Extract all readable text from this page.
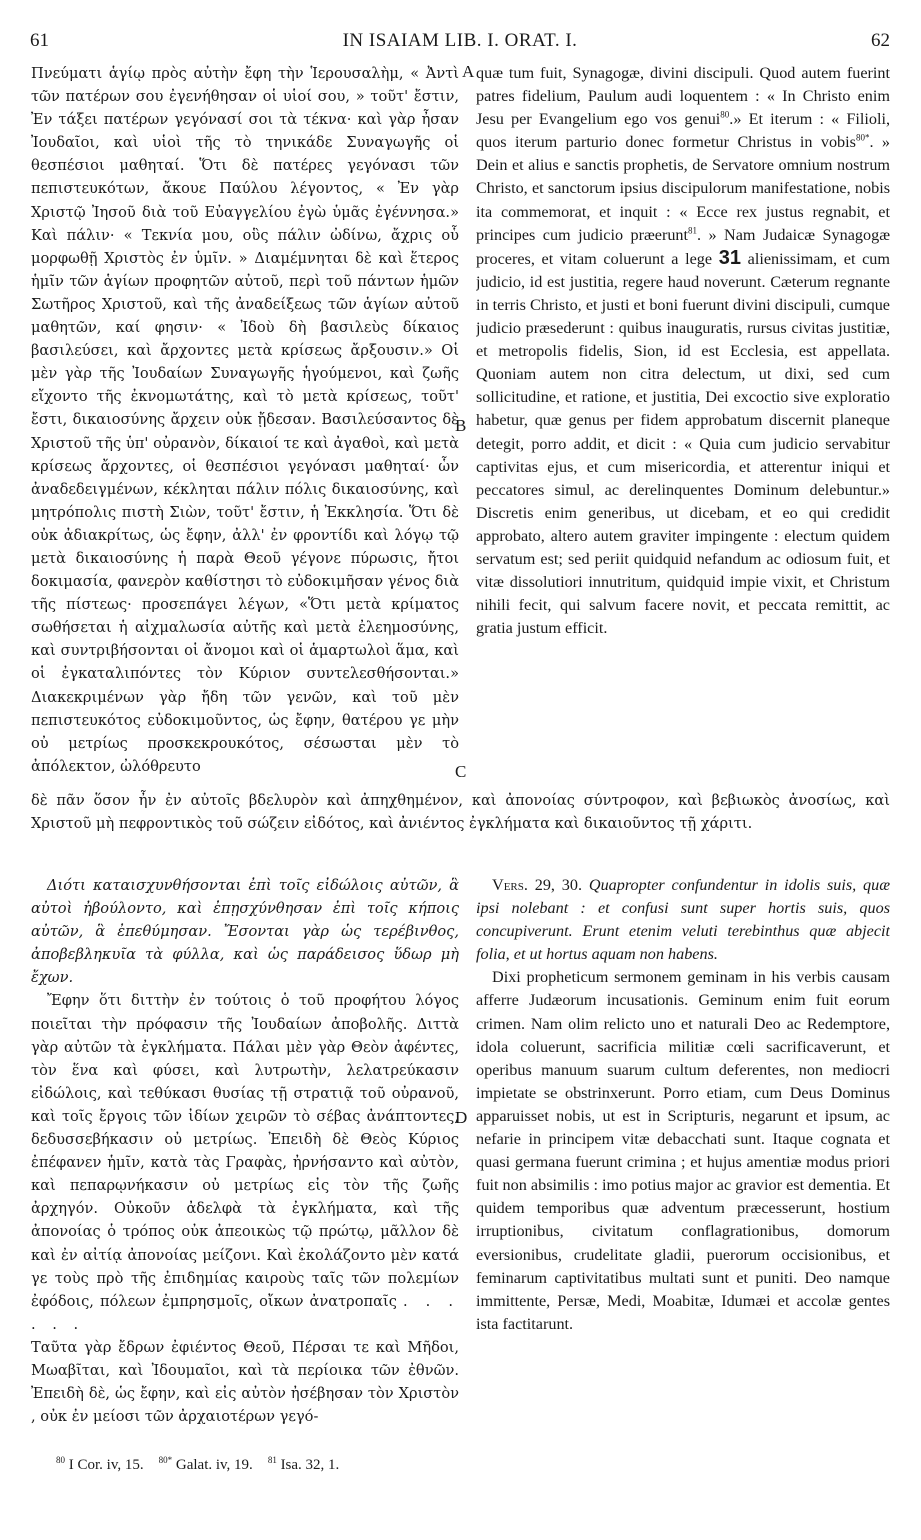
61	IN ISAIAM LIB. I. ORAT. I.	62
A
B
C
D

Πνεύματι ἁγίῳ πρὸς αὐτὴν ἔφη τὴν Ἱερουσαλὴμ, « Ἀντὶ τῶν πατέρων σου ἐγενήθησαν οἱ υἱοί σου, » τοῦτ' ἔστιν, Ἐν τάξει πατέρων γεγόνασί σοι τὰ τέκνα· καὶ γὰρ ἦσαν Ἰουδαῖοι, καὶ υἱοὶ τῆς τὸ τηνικάδε Συναγωγῆς οἱ θεσπέσιοι μαθηταί. Ὅτι δὲ πατέρες γεγόνασι τῶν πεπιστευκότων, ἄκουε Παύλου λέγοντος, « Ἐν γὰρ Χριστῷ Ἰησοῦ διὰ τοῦ Εὐαγγελίου ἐγὼ ὑμᾶς ἐγέννησα.» Καὶ πάλιν· « Τεκνία μου, οὓς πάλιν ὠδίνω, ἄχρις οὗ μορφωθῇ Χριστὸς ἐν ὑμῖν. » Διαμέμνηται δὲ καὶ ἕτερος ἡμῖν τῶν ἁγίων προφητῶν αὐτοῦ, περὶ τοῦ πάντων ἡμῶν Σωτῆρος Χριστοῦ, καὶ τῆς ἀναδείξεως τῶν ἁγίων αὐτοῦ μαθητῶν, καί φησιν· « Ἰδοὺ δὴ βασιλεὺς δίκαιος βασιλεύσει, καὶ ἄρχοντες μετὰ κρίσεως ἄρξουσιν.» Οἱ μὲν γὰρ τῆς Ἰουδαίων Συναγωγῆς ἡγούμενοι, καὶ ζωῆς εἴχοντο τῆς ἐκνομωτάτης, καὶ τὸ μετὰ κρίσεως, τοῦτ' ἔστι, δικαιοσύνης ἄρχειν οὐκ ᾔδεσαν. Βασιλεύσαντος δὲ Χριστοῦ τῆς ὑπ' οὐρανὸν, δίκαιοί τε καὶ ἀγαθοὶ, καὶ μετὰ κρίσεως ἄρχοντες, οἱ θεσπέσιοι γεγόνασι μαθηταί· ὧν ἀναδεδειγμένων, κέκληται πάλιν πόλις δικαιοσύνης, καὶ μητρόπολις πιστὴ Σιὼν, τοῦτ' ἔστιν, ἡ Ἐκκλησία. Ὅτι δὲ οὐκ ἀδιακρίτως, ὡς ἔφην, ἀλλ' ἐν φροντίδι καὶ λόγῳ τῷ μετὰ δικαιοσύνης ἡ παρὰ Θεοῦ γέγονε πύρωσις, ἤτοι δοκιμασία, φανερὸν καθίστησι τὸ εὐδοκιμῆσαν γένος διὰ τῆς πίστεως· προσεπάγει λέγων, «Ὅτι μετὰ κρίματος σωθήσεται ἡ αἰχμαλωσία αὐτῆς καὶ μετὰ ἐλεημοσύνης, καὶ συντριβήσονται οἱ ἄνομοι καὶ οἱ ἁμαρτωλοὶ ἅμα, καὶ οἱ ἐγκαταλιπόντες τὸν Κύριον συντελεσθήσονται.» Διακεκριμένων γὰρ ἤδη τῶν γενῶν, καὶ τοῦ μὲν πεπιστευκότος εὐδοκιμοῦντος, ὡς ἔφην, θατέρου γε μὴν οὐ μετρίως προσκεκρουκότος, σέσωσται μὲν τὸ ἀπόλεκτον, ὠλόθρευτο

quæ tum fuit, Synagogæ, divini discipuli. Quod autem fuerint patres fidelium, Paulum audi loquentem : « In Christo enim Jesu per Evangelium ego vos genui$^{80}$.» Et iterum : « Filioli, quos iterum parturio donec formetur Christus in vobis$^{80*}$. » Dein et alius e sanctis prophetis, de Servatore omnium nostrum Christo, et sanctorum ipsius discipulorum manifestatione, nobis ita commemorat, et inquit : « Ecce rex justus regnabit, et principes cum judicio præerunt$^{81}$. » Nam Judaicæ Synagogæ proceres, et vitam coluerunt a lege 31 alienissimam, et cum judicio, id est justitia, regere haud noverunt. Cæterum regnante in terris Christo, et justi et boni fuerunt divini discipuli, cumque judicio præsederunt : quibus inauguratis, rursus civitas justitiæ, et metropolis fidelis, Sion, id est Ecclesia, est appellata. Quoniam autem non citra delectum, ut dixi, sed cum sollicitudine, et ratione, et justitia, Dei excoctio sive exploratio habetur, quæ genus per fidem approbatum discernit planeque detegit, porro addit, et dicit : « Quia cum judicio servabitur captivitas ejus, et cum misericordia, et atterentur iniqui et peccatores simul, ac derelinquentes Dominum delebuntur.» Discretis enim generibus, ut dicebam, et eo qui credidit approbato, altero autem graviter impingente : electum quidem servatum est; sed periit quidquid nefandum ac odiosum fuit, et vitæ dissolutiori innutritum, quidquid impie vixit, et Christum nihili fecit, qui salvum facere novit, et peccata remittit, ac gratia justum efficit.

δὲ πᾶν ὅσον ἦν ἐν αὐτοῖς βδελυρὸν καὶ ἀπηχθημένον, καὶ ἀπονοίας σύντροφον, καὶ βεβιωκὸς ἀνοσίως, καὶ Χριστοῦ μὴ πεφροντικὸς τοῦ σώζειν εἰδότος, καὶ ἀνιέντος ἐγκλήματα καὶ δικαιοῦντος τῇ χάριτι.

Διότι καταισχυνθήσονται ἐπὶ τοῖς εἰδώλοις αὐτῶν, ἃ αὐτοὶ ἠβούλοντο, καὶ ἐπῃσχύνθησαν ἐπὶ τοῖς κήποις αὐτῶν, ἃ ἐπεθύμησαν. Ἔσονται γὰρ ὡς τερέβινθος, ἀποβεβληκυῖα τὰ φύλλα, καὶ ὡς παράδεισος ὕδωρ μὴ ἔχων.

Ἔφην ὅτι διττὴν ἐν τούτοις ὁ τοῦ προφήτου λόγος ποιεῖται τὴν πρόφασιν τῆς Ἰουδαίων ἀποβολῆς. Διττὰ γὰρ αὐτῶν τὰ ἐγκλήματα. Πάλαι μὲν γὰρ Θεὸν ἀφέντες, τὸν ἕνα καὶ φύσει, καὶ λυτρωτὴν, λελατρεύκασιν εἰδώλοις, καὶ τεθύκασι θυσίας τῇ στρατιᾷ τοῦ οὐρανοῦ, καὶ τοῖς ἔργοις τῶν ἰδίων χειρῶν τὸ σέβας ἀνάπτοντες, δεδυσσεβήκασιν οὐ μετρίως. Ἐπειδὴ δὲ Θεὸς Κύριος ἐπέφανεν ἡμῖν, κατὰ τὰς Γραφὰς, ἠρνήσαντο καὶ αὐτὸν, καὶ πεπαρῳνήκασιν οὐ μετρίως εἰς τὸν τῆς ζωῆς ἀρχηγόν. Οὐκοῦν ἀδελφὰ τὰ ἐγκλήματα, καὶ τῆς ἀπονοίας ὁ τρόπος οὐκ ἀπεοικὼς τῷ πρώτῳ, μᾶλλον δὲ καὶ ἐν αἰτίᾳ ἀπονοίας μείζονι. Καὶ ἐκολάζοντο μὲν κατά γε τοὺς πρὸ τῆς ἐπιδημίας καιροὺς ταῖς τῶν πολεμίων ἐφόδοις, πόλεων ἐμπρησμοῖς, οἴκων ἀνατροπαῖς . . . . . .

Ταῦτα γὰρ ἔδρων ἐφιέντος Θεοῦ, Πέρσαι τε καὶ Μῆδοι, Μωαβῖται, καὶ Ἰδουμαῖοι, καὶ τὰ περίοικα τῶν ἐθνῶν. Ἐπειδὴ δὲ, ὡς ἔφην, καὶ εἰς αὐτὸν ἠσέβησαν τὸν Χριστὸν , οὐκ ἐν μείοσι τῶν ἀρχαιοτέρων γεγό-

Vers. 29, 30. Quapropter confundentur in idolis suis, quæ ipsi nolebant : et confusi sunt super hortis suis, quos concupiverunt. Erunt etenim veluti terebinthus quæ abjecit folia, et ut hortus aquam non habens.

Dixi propheticum sermonem geminam in his verbis causam afferre Judæorum incusationis. Geminum enim fuit eorum crimen. Nam olim relicto uno et naturali Deo ac Redemptore, idola coluerunt, sacrificia militiæ cœli sacrificaverunt, et operibus manuum suarum cultum deferentes, non mediocri impietate se obstrinxerunt. Porro etiam, cum Deus Dominus apparuisset nobis, ut est in Scripturis, negarunt et ipsum, ac nefarie in principem vitæ debacchati sunt. Itaque cognata et quasi germana fuerunt crimina ; et hujus amentiæ modus priori fuit non absimilis : imo potius major ac gravior est dementia. Et quidem temporibus quæ adventum præcesserunt, hostium irruptionibus, civitatum conflagrationibus, domorum eversionibus, crudelitate gladii, puerorum occisionibus, et feminarum captivitatibus multati sunt et puniti. Deo namque immittente, Persæ, Medi, Moabitæ, Idumæi et accolæ gentes ista factitarunt.

$^{80}$ I Cor. iv, 15. $^{80*}$ Galat. iv, 19. $^{81}$ Isa. 32, 1.
